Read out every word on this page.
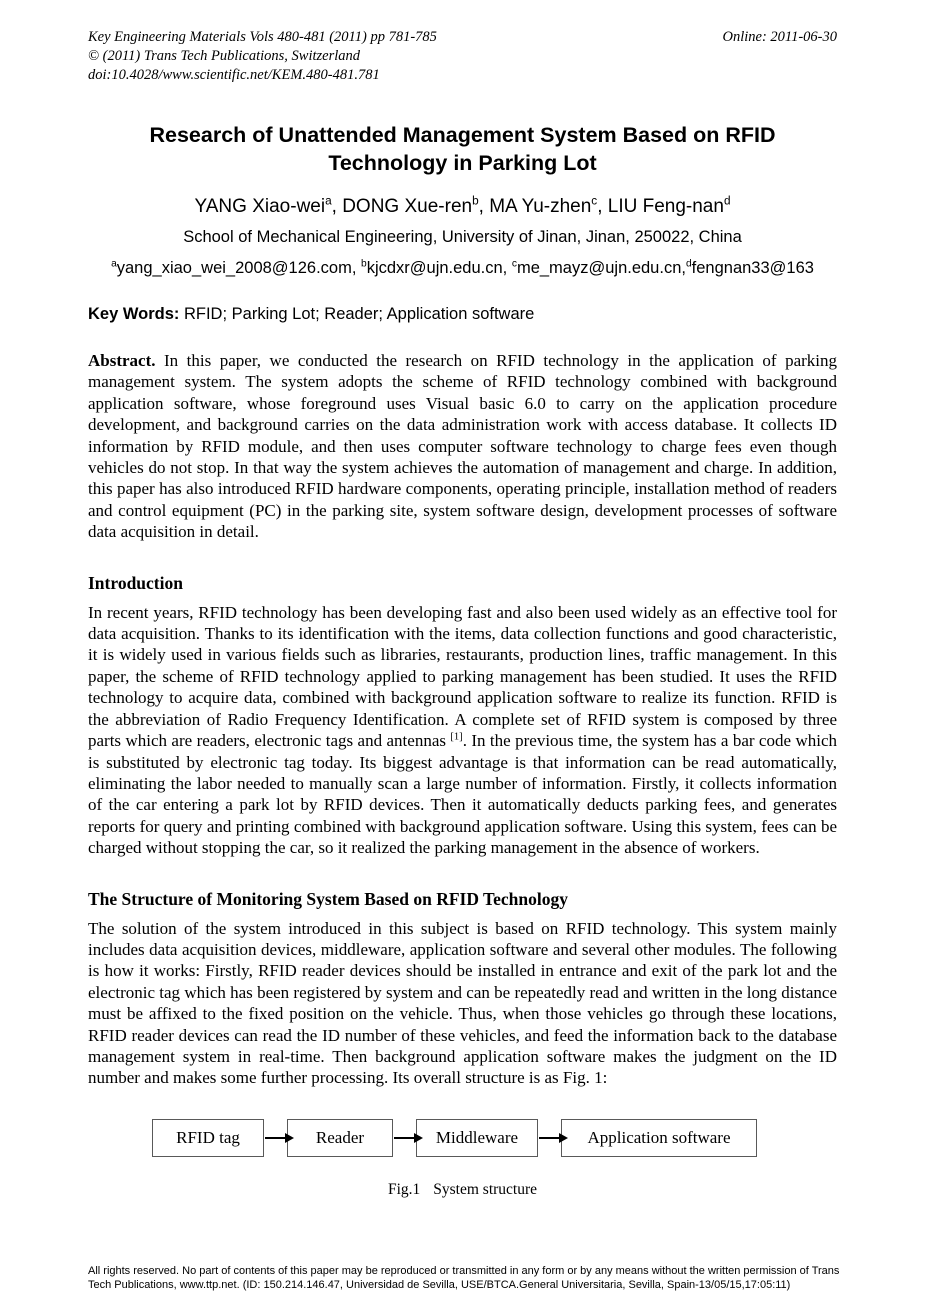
Key Engineering Materials Vols 480-481 (2011) pp 781-785	Online: 2011-06-30
© (2011) Trans Tech Publications, Switzerland
doi:10.4028/www.scientific.net/KEM.480-481.781
Research of Unattended Management System Based on RFID
Technology in Parking Lot
YANG Xiao-wei$^a$, DONG Xue-ren$^b$, MA Yu-zhen$^c$, LIU Feng-nan$^d$
School of Mechanical Engineering, University of Jinan, Jinan, 250022, China
$^a$yang_xiao_wei_2008@126.com, $^b$kjcdxr@ujn.edu.cn, $^c$me_mayz@ujn.edu.cn,$^d$fengnan33@163
Key Words: RFID; Parking Lot; Reader; Application software
Abstract. In this paper, we conducted the research on RFID technology in the application of parking management system. The system adopts the scheme of RFID technology combined with background application software, whose foreground uses Visual basic 6.0 to carry on the application procedure development, and background carries on the data administration work with access database. It collects ID information by RFID module, and then uses computer software technology to charge fees even though vehicles do not stop. In that way the system achieves the automation of management and charge. In addition, this paper has also introduced RFID hardware components, operating principle, installation method of readers and control equipment (PC) in the parking site, system software design, development processes of software data acquisition in detail.
Introduction
In recent years, RFID technology has been developing fast and also been used widely as an effective tool for data acquisition. Thanks to its identification with the items, data collection functions and good characteristic, it is widely used in various fields such as libraries, restaurants, production lines, traffic management. In this paper, the scheme of RFID technology applied to parking management has been studied. It uses the RFID technology to acquire data, combined with background application software to realize its function. RFID is the abbreviation of Radio Frequency Identification. A complete set of RFID system is composed by three parts which are readers, electronic tags and antennas [1]. In the previous time, the system has a bar code which is substituted by electronic tag today. Its biggest advantage is that information can be read automatically, eliminating the labor needed to manually scan a large number of information. Firstly, it collects information of the car entering a park lot by RFID devices. Then it automatically deducts parking fees, and generates reports for query and printing combined with background application software. Using this system, fees can be charged without stopping the car, so it realized the parking management in the absence of workers.
The Structure of Monitoring System Based on RFID Technology
The solution of the system introduced in this subject is based on RFID technology. This system mainly includes data acquisition devices, middleware, application software and several other modules. The following is how it works: Firstly, RFID reader devices should be installed in entrance and exit of the park lot and the electronic tag which has been registered by system and can be repeatedly read and written in the long distance must be affixed to the fixed position on the vehicle. Thus, when those vehicles go through these locations, RFID reader devices can read the ID number of these vehicles, and feed the information back to the database management system in real-time. Then background application software makes the judgment on the ID number and makes some further processing. Its overall structure is as Fig. 1:
RFID tag	Reader	Middleware	Application software
Fig.1 System structure
All rights reserved. No part of contents of this paper may be reproduced or transmitted in any form or by any means without the written permission of Trans
Tech Publications, www.ttp.net. (ID: 150.214.146.47, Universidad de Sevilla, USE/BTCA.General Universitaria, Sevilla, Spain-13/05/15,17:05:11)
